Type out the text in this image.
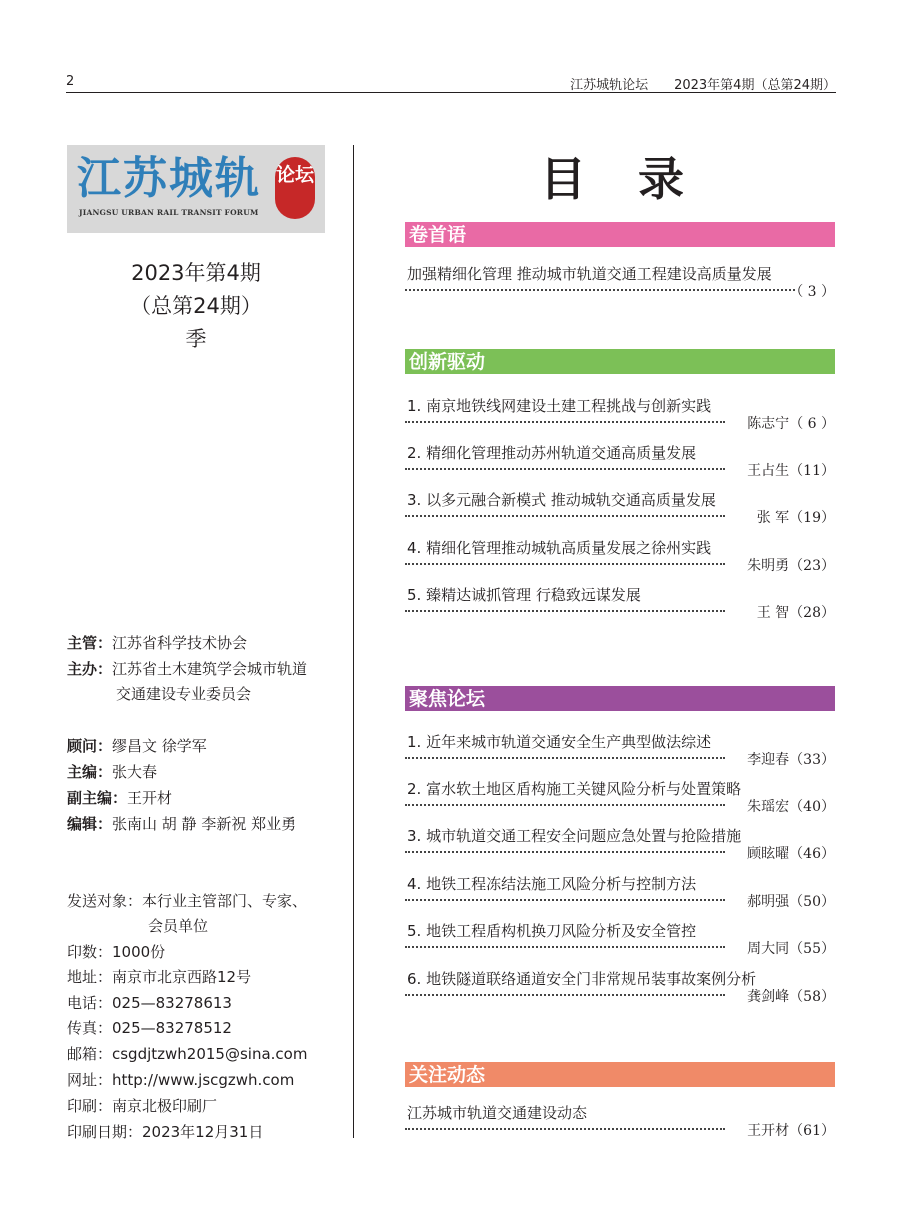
2	江苏城轨论坛 2023年第4期（总第24期）
江苏城轨
JIANGSU URBAN RAIL TRANSIT FORUM
论坛
2023年第4期
（总第24期）
季
主管：江苏省科学技术协会
主办：江苏省土木建筑学会城市轨道
交通建设专业委员会
顾问：缪昌文 徐学军
主编：张大春
副主编：王开材
编辑：张南山 胡 静 李新祝 郑业勇
发送对象：本行业主管部门、专家、
会员单位
印数：1000份
地址：南京市北京西路12号
电话：025—83278613
传真：025—83278512
邮箱：csgdjtzwh2015@sina.com
网址：http://www.jscgzwh.com
印刷：南京北极印刷厂
印刷日期：2023年12月31日
目 录
卷首语
加强精细化管理 推动城市轨道交通工程建设高质量发展
（ 3 ）
创新驱动
1. 南京地铁线网建设土建工程挑战与创新实践
陈志宁（ 6 ）
2. 精细化管理推动苏州轨道交通高质量发展
王占生（11）
3. 以多元融合新模式 推动城轨交通高质量发展
张 军（19）
4. 精细化管理推动城轨高质量发展之徐州实践
朱明勇（23）
5. 臻精达诚抓管理 行稳致远谋发展
王 智（28）
聚焦论坛
1. 近年来城市轨道交通安全生产典型做法综述
李迎春（33）
2. 富水软土地区盾构施工关键风险分析与处置策略
朱瑶宏（40）
3. 城市轨道交通工程安全问题应急处置与抢险措施
顾眩曜（46）
4. 地铁工程冻结法施工风险分析与控制方法
郝明强（50）
5. 地铁工程盾构机换刀风险分析及安全管控
周大同（55）
6. 地铁隧道联络通道安全门非常规吊装事故案例分析
龚剑峰（58）
关注动态
江苏城市轨道交通建设动态
王开材（61）
